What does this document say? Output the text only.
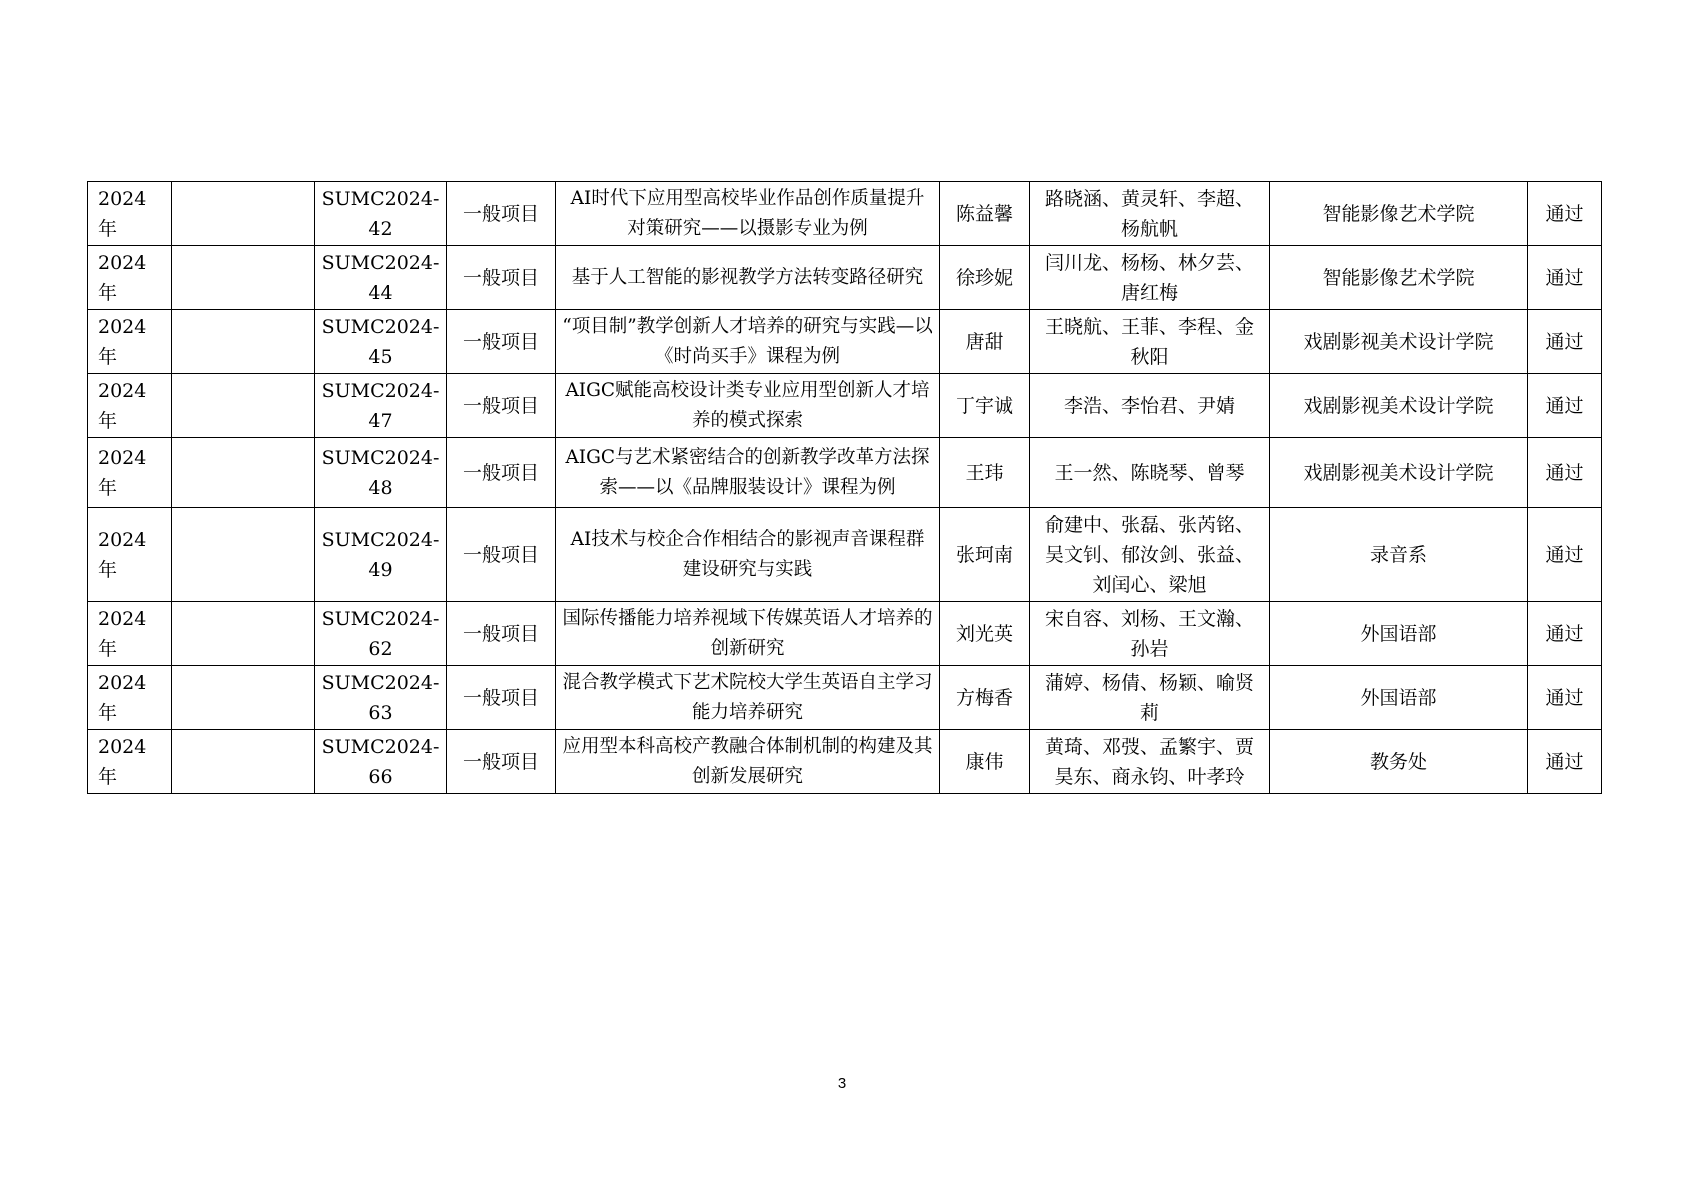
2024年		SUMC2024-42	一般项目	AI时代下应用型高校毕业作品创作质量提升对策研究——以摄影专业为例	陈益馨	路晓涵、黄灵轩、李超、杨航帆	智能影像艺术学院	通过
2024年		SUMC2024-44	一般项目	基于人工智能的影视教学方法转变路径研究	徐珍妮	闫川龙、杨杨、林夕芸、唐红梅	智能影像艺术学院	通过
2024年		SUMC2024-45	一般项目	“项目制”教学创新人才培养的研究与实践—以《时尚买手》课程为例	唐甜	王晓航、王菲、李程、金秋阳	戏剧影视美术设计学院	通过
2024年		SUMC2024-47	一般项目	AIGC赋能高校设计类专业应用型创新人才培养的模式探索	丁宇诚	李浩、李怡君、尹婧	戏剧影视美术设计学院	通过
2024年		SUMC2024-48	一般项目	AIGC与艺术紧密结合的创新教学改革方法探索——以《品牌服装设计》课程为例	王玮	王一然、陈晓琴、曾琴	戏剧影视美术设计学院	通过
2024年		SUMC2024-49	一般项目	AI技术与校企合作相结合的影视声音课程群建设研究与实践	张珂南	俞建中、张磊、张芮铭、吴文钊、郁汝剑、张益、刘闰心、梁旭	录音系	通过
2024年		SUMC2024-62	一般项目	国际传播能力培养视域下传媒英语人才培养的创新研究	刘光英	宋自容、刘杨、王文瀚、孙岩	外国语部	通过
2024年		SUMC2024-63	一般项目	混合教学模式下艺术院校大学生英语自主学习能力培养研究	方梅香	蒲婷、杨倩、杨颖、喻贤莉	外国语部	通过
2024年		SUMC2024-66	一般项目	应用型本科高校产教融合体制机制的构建及其创新发展研究	康伟	黄琦、邓弢、孟繁宇、贾昊东、商永钧、叶孝玲	教务处	通过
3
